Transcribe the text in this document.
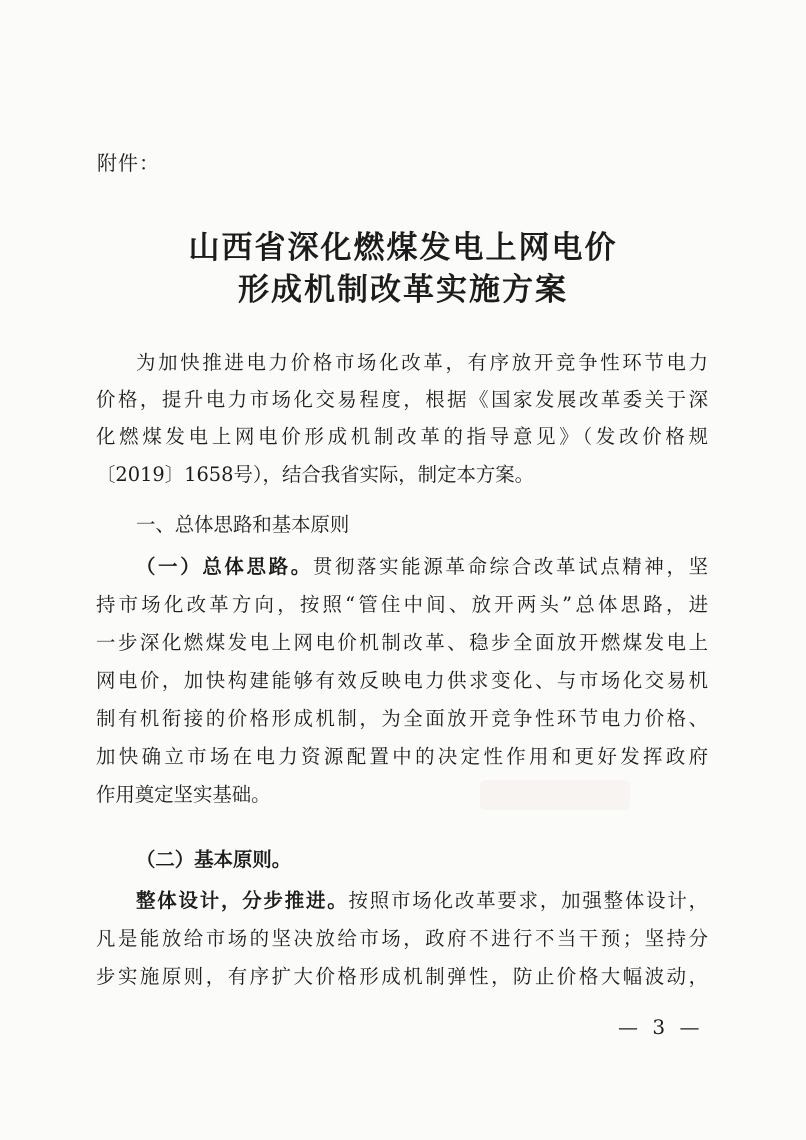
附件：
山西省深化燃煤发电上网电价
形成机制改革实施方案
为加快推进电力价格市场化改革，有序放开竞争性环节电力
价格，提升电力市场化交易程度，根据《国家发展改革委关于深
化燃煤发电上网电价形成机制改革的指导意见》（发改价格规
〔2019〕1658号），结合我省实际，制定本方案。
一、总体思路和基本原则
（一）总体思路。贯彻落实能源革命综合改革试点精神，坚
持市场化改革方向，按照“管住中间、放开两头”总体思路，进
一步深化燃煤发电上网电价机制改革、稳步全面放开燃煤发电上
网电价，加快构建能够有效反映电力供求变化、与市场化交易机
制有机衔接的价格形成机制，为全面放开竞争性环节电力价格、
加快确立市场在电力资源配置中的决定性作用和更好发挥政府
作用奠定坚实基础。
（二）基本原则。
整体设计，分步推进。按照市场化改革要求，加强整体设计，
凡是能放给市场的坚决放给市场，政府不进行不当干预；坚持分
步实施原则，有序扩大价格形成机制弹性，防止价格大幅波动，
— 3 —
